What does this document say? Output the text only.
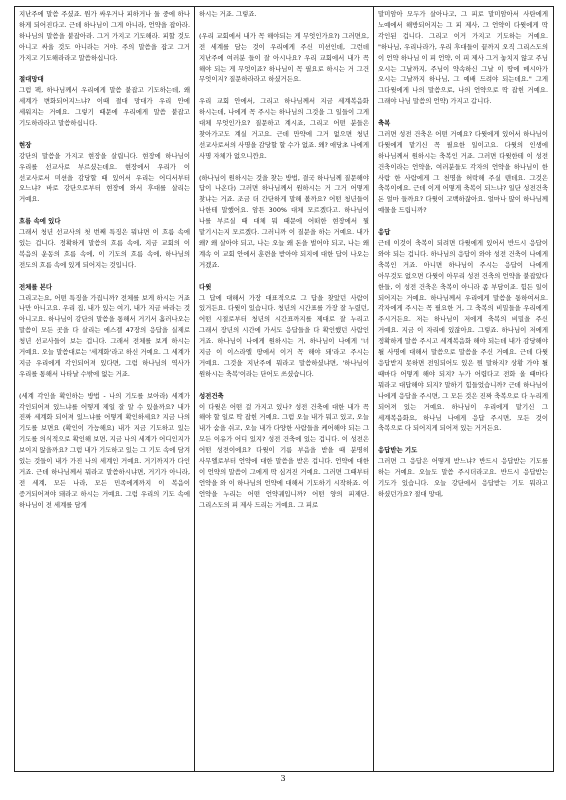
지난주에 말씀 주셨죠. 뭔가 싸우거나 피하거나 둘 중에 하나 하게 되어진다고. 근데 하나님이 그게 아니라, 언약을 잡아라. 하나님의 말씀을 붙잡아라. 그거 가지고 기도해라. 피할 것도 아니고 싸울 것도 아니라는 거야. 주의 말씀을 잡고 그거 가지고 기도해라라고 말씀하십니다.

절대망대

그럼 팩, 하나님께서 우리에게 말씀 붙잡고 기도하는데, 왜 세계가 변화되어지느냐? 이때 절대 망대가 우리 안에 세워지는 거예요. 그렇기 때문에 우리에게 말씀 붙잡고 기도하라라고 말씀하십니다.

현장

강단의 말씀을 가지고 현장을 살립니다. 현장에 하나님이 우리를 선교사로 부르셨는데요. 현장에서 우리가 이 선교사로서 미션을 감당할 때 있어서 우리는 어디서부터 오느냐? 바로 강단으로부터 현장에 와서 후대를 살리는 거예요.

흐름 속에 있다

그래서 청년 선교사의 첫 번째 특징은 뭐냐면 이 흐름 속에 있는 겁니다. 정확하게 말씀의 흐름 속에, 지금 교회의 이 복음의 운동의 흐름 속에, 이 기도의 흐름 속에, 하나님의 전도의 흐름 속에 있게 되어지는 것입니다.

전체를 본다

그리고는요, 어떤 특징을 가집니까? 전체를 보게 하시는 거죠 나만 아니고요. 우리 집, 내가 있는 여기, 내가 지금 바라는 것 아니고요. 하나님이 강단의 말씀을 통해서 거기서 흘러나오는 말씀이 모든 곳을 다 살리는 에스겔 47장의 응답을 실제로 청년 선교사들이 보는 겁니다. 그래서 전체를 보게 하시는 거예요. 오늘 말씀대로는 '세계화'라고 하신 거예요. 그 세계가 지금 우리에게 각인되어져 있다면, 그럼 하나님의 역사가 우리를 통해서 나타날 수밖에 없는 거죠.

(세계 각인을 확인하는 방법 - 나의 기도를 보아라) 세계가 각인되어져 있느냐를 어떻게 제일 잘 알 수 있을까요? 내가 진짜 세계화 되어져 있느냐를 어떻게 확인하세요? 지금 나의 기도를 보면요 (확인이 가능해요) 내가 지금 기도하고 있는 기도를 의식적으로 확인해 보면, 지금 나의 세계가 어디인지가 보이지 않을까요? 그럼 내가 기도하고 있는 그 기도 속에 담겨 있는 것들이 내가 가진 나의 세계인 거예요. 거기까지가 다인 거죠. 근데 하나님께서 뭐라고 말씀하시냐면, 거기가 아니라, 전 세계, 모든 나라, 모든 민족에게까지 이 복음이 증거되어져야 돼라고 하시는 거예요. 그럼 우리의 기도 속에 하나님이 전 세계를 담게

하시는 거죠. 그렇죠.

(우리 교회에서 내가 꼭 해야되는 게 무엇인가요?) 그러면요, 전 세계를 담는 것이 우리에게 주신 미션인데, 그런데 지난주에 여러분 들이 잘 아시나요? 우리 교회에서 내가 꼭 해야 되는 게 무엇이죠? 하나님이 꼭 필요로 하시는 거 그건 무엇이지? 질문하라라고 하셨거든요.

우리 교회 안에서, 그리고 하나님께서 지금 세계복음화 하시는데, 나에게 꼭 주시는 하나님의 그것을 그 일들이 그게 대체 무엇인가요? 질문하고 계시죠, 그리고 어떤 분들은 찾아가고도 계실 거고요. 근데 만약에 그거 없으면 청년 선교사로서의 사명을 감당할 할 수가 없죠. 왜? 애당초 나에게 사명 자체가 없으니깐요.

(하나님이 원하시는 것을 찾는 방법, 결국 하나님께 질문해야 답이 나온다) 그러면 하나님께서 원하시는 거 그거 어떻게 찾냐는 거죠. 조금 더 간단하게 말해 볼까요? 어떤 청년들이 나한테 말했어요. 암튼 300% 대체 모르겠다고. 하나님이 나를 부르실 때 대체 뭐 때문에 어떠한 현장에서 뭘 맡기시는지 모르겠다. 그러니까 이 질문을 하는 거예요. 내가 왜? 왜 살아야 되고, 나는 오늘 왜 돈을 벌어야 되고, 나는 왜 계속 이 교회 안에서 훈련을 받아야 되지에 대한 답이 나오는 거겠죠.

다윗

그 답에 대해서 가장 대표적으로 그 답을 찾았던 사람이 있거든요. 다윗이 있습니다. 청년의 시간표를 가장 잘 누렸던, 어떤 시절로부터 청년의 시간표까지를 제대로 잘 누리고 그래서 장년의 시간에 가서도 응답들을 다 확인했던 사람인 거죠. 하나님이 나에게 원하시는 거, 하나님이 나에게 '너 지금 이 이스라엘 땅에서 이거 꼭 해야 돼'라고 주시는 거예요. 그것을 지난주에 뭐라고 말씀하셨냐면, '하나님이 원하시는 축복'이라는 단어도 쓰셨습니다.

성전건축

이 다윗은 어떤 걸 가지고 있나? 성전 건축에 대한 내가 꼭 해야 할 일로 딱 잡힌 거예요. 그럼 오늘 내가 뭐고 있고, 오늘 내가 숨을 쉬고, 오늘 내가 다양한 사람들을 케어해야 되는 그 모든 이유가 어디 있지? 성전 건축에 있는 겁니다. 이 성전은 어떤 성전이에요? 다윗이 기름 부음을 받을 때 분명히 사무엘로부터 언약에 대한 말씀을 받은 겁니다. 언약에 대한 이 언약의 말씀이 그에게 딱 심겨진 거예요. 그러면 그때부터 언약을 와 이 하나님의 언약에 대해서 기도하기 시작하죠. 이 언약을 누리는 어떤 언약궤입니까? 어떤 양의 피제단. 그리스도의 피 제사 드리는 거예요. 그 피로

말미암아 모두가 살아나고, 그 피로 말미암아서 사탄에게 노예에서 해방되어지는 그 피 제사, 그 언약이 다윗에게 딱 각인된 겁니다. 그리고 이거 가지고 기도하는 거예요. "하나님, 우리나라가, 우리 후대들이 끝까지 오직 그리스도의 이 언약 하나님 이 피 언약, 이 피 제사 그거 놓치지 않고 주님 오시는 그날까지, 주님이 약속하신 그날 이 땅에 메시아가 오시는 그날까지 하나님, 그 예배 드려야 되는데요." 그게 그다윗에게 나의 말씀으로, 나의 언약으로 딱 잡힌 거예요. 그래야 나님 말씀의 언약) 가지고 갑니다.

축복

그러면 성전 건축은 어떤 거예요? 다윗에게 있어서 하나님이 다윗에게 맡기신 꼭 필요한 일이고요. 다윗의 인생에 하나님께서 원하시는 축복인 거죠. 그러면 다윗한테 이 성전 건축이라는 언약을, 여러분들도 각자의 언약을 하나님이 한 사람 한 사람에게 그 천명을 허락해 주실 텐데요. 그것은 축복이에요. 근데 이게 어떻게 축복이 되느냐? 일단 성전건축 돈 얼마 들까요? 다윗이 고백하잖아요. 얼마나 많이 하나님께 예물을 드립니까?

응답

근데 이것이 축복이 되려면 다윗에게 있어서 반드시 응답이 와야 되는 겁니다. 하나님의 응답이 와야 성전 건축이 나에게 축복인 거죠. 아니면 하나님이 주시는 응답이 나에게 아무것도 없으면 다윗이 아무리 성전 건축의 언약을 붙잡았다 한들, 이 성전 건축은 축복이 아니라 좀 부담이죠. 힘든 일이 되어지는 거예요. 하나님께서 우리에게 말씀을 통하여서요. 각자에게 주시는 꼭 필요한 거, 그 축복의 비밀들을 우리에게 주시거든요. 저는 하나님이 저에게 축복의 비밀을 주신 거예요. 지금 이 자리에 있잖아요. 그렇죠. 하나님이 저에게 정확하게 말씀 주시고 세계복음화 해야 되는데 내가 감당해야 될 사명에 대해서 말씀으로 말씀을 주신 거예요. 근데 다윗 응답받지 못하면 전임되어도 있은 뭔 말하지? 상황 가야 될 때마다 어떻게 해야 되지? 누가 어렵다고 전화 올 때마다 뭐라고 대답해야 되지? 말하기 힘들었습니까? 근데 하나님이 나에게 응답을 주시면, 그 모든 것은 진짜 축복으로 다 누리게 되어져 있는 거예요. 하나님이 우리에게 맡기신 그 세계복음화요, 하나님 나에게 응답 주시면, 모든 것이 축복으로 다 되어지게 되어져 있는 거거든요.

응답받는 기도

그러면 그 응답은 어떻게 받느냐? 반드시 응답받는 기도를 하는 거예요. 오늘도 말씀 주시더라고요. 반드시 응답받는 기도가 있습니다. 오늘 강단에서 응답받는 기도 뭐라고 하셨던가요? 절대 망대,

3
